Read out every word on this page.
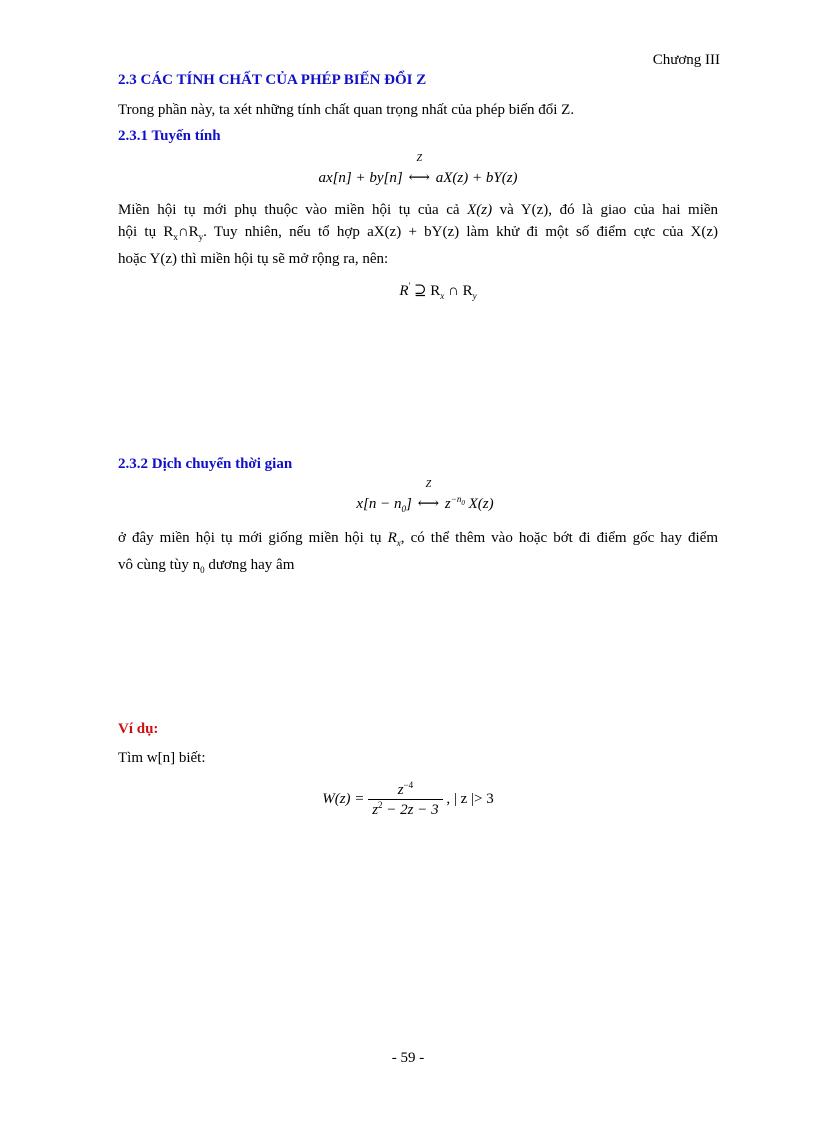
Chương III
2.3 CÁC TÍNH CHẤT CỦA PHÉP BIẾN ĐỔI Z
Trong phần này, ta xét những tính chất quan trọng nhất của phép biến đổi Z.
2.3.1 Tuyến tính
ax[n] + by[n]
Z
⟷ aX(z) + bY(z)
Miền hội tụ mới phụ thuộc vào miền hội tụ của cả X(z) và Y(z), đó là giao của hai miền
hội tụ $R_x\cap R_y$. Tuy nhiên, nếu tổ hợp aX(z) + bY(z) làm khử đi một số điểm cực của X(z)
hoặc Y(z) thì miền hội tụ sẽ mở rộng ra, nên:
R' ⊇ $R_x$ ∩ $R_y$
2.3.2 Dịch chuyển thời gian
$x[n - n_0]$
Z
⟷ $z^{-n_0}$ X(z)
ở đây miền hội tụ mới giống miền hội tụ $R_x$, có thể thêm vào hoặc bớt đi điểm gốc hay điểm
vô cùng tùy $n_0$ dương hay âm
Ví dụ:
Tìm w[n] biết:
$W(z) = \frac{z^{-4}}{z^2 - 2z - 3}$ , | z |> 3
- 59 -
